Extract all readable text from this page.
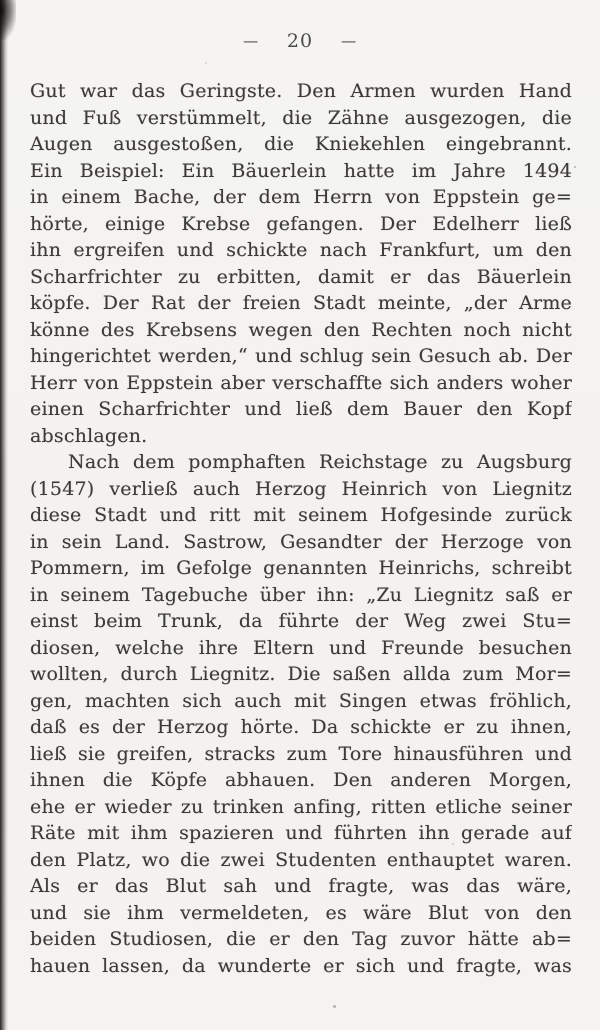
— 20 —
Gut war das Geringste. Den Armen wurden Hand
und Fuß verstümmelt, die Zähne ausgezogen, die
Augen ausgestoßen, die Kniekehlen eingebrannt.
Ein Beispiel: Ein Bäuerlein hatte im Jahre 1494
in einem Bache, der dem Herrn von Eppstein ge=
hörte, einige Krebse gefangen. Der Edelherr ließ
ihn ergreifen und schickte nach Frankfurt, um den
Scharfrichter zu erbitten, damit er das Bäuerlein
köpfe. Der Rat der freien Stadt meinte, „der Arme
könne des Krebsens wegen den Rechten noch nicht
hingerichtet werden,“ und schlug sein Gesuch ab. Der
Herr von Eppstein aber verschaffte sich anders woher
einen Scharfrichter und ließ dem Bauer den Kopf
abschlagen.
Nach dem pomphaften Reichstage zu Augsburg
(1547) verließ auch Herzog Heinrich von Liegnitz
diese Stadt und ritt mit seinem Hofgesinde zurück
in sein Land. Sastrow, Gesandter der Herzoge von
Pommern, im Gefolge genannten Heinrichs, schreibt
in seinem Tagebuche über ihn: „Zu Liegnitz saß er
einst beim Trunk, da führte der Weg zwei Stu=
diosen, welche ihre Eltern und Freunde besuchen
wollten, durch Liegnitz. Die saßen allda zum Mor=
gen, machten sich auch mit Singen etwas fröhlich,
daß es der Herzog hörte. Da schickte er zu ihnen,
ließ sie greifen, stracks zum Tore hinausführen und
ihnen die Köpfe abhauen. Den anderen Morgen,
ehe er wieder zu trinken anfing, ritten etliche seiner
Räte mit ihm spazieren und führten ihn gerade auf
den Platz, wo die zwei Studenten enthauptet waren.
Als er das Blut sah und fragte, was das wäre,
und sie ihm vermeldeten, es wäre Blut von den
beiden Studiosen, die er den Tag zuvor hätte ab=
hauen lassen, da wunderte er sich und fragte, was
